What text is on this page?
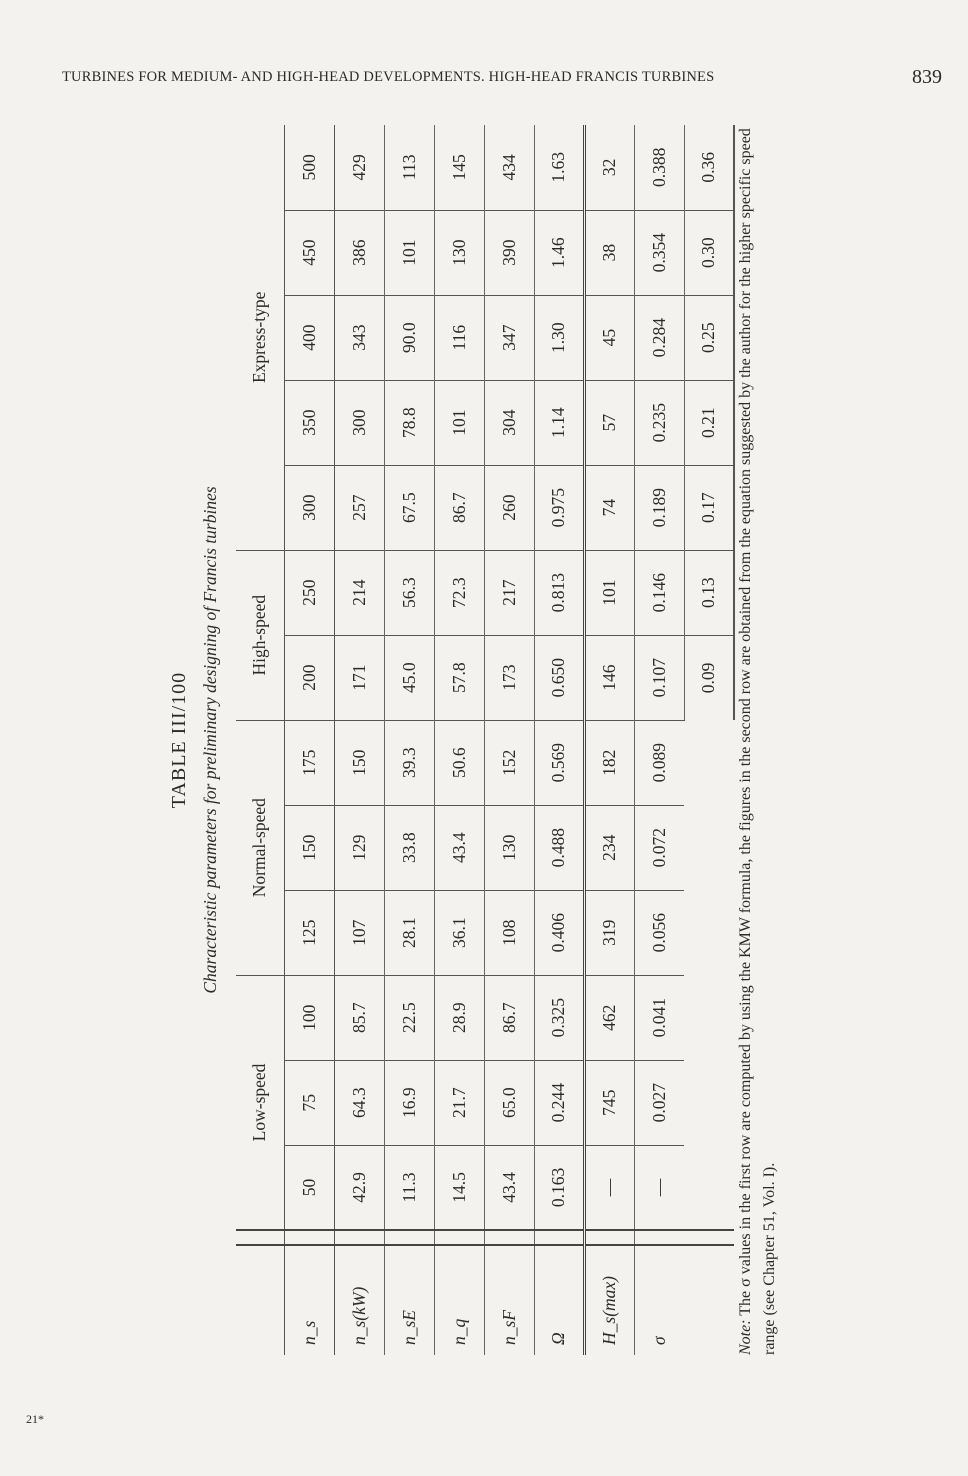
TURBINES FOR MEDIUM- AND HIGH-HEAD DEVELOPMENTS. HIGH-HEAD FRANCIS TURBINES	839
21*
TABLE III/100 Characteristic parameters for preliminary designing of Francis turbines
		Low-speed			Normal-speed			High-speed		Express-type				
n_s		50	75	100	125	150	175	200	250	300	350	400	450	500
n_s(kW)		42.9	64.3	85.7	107	129	150	171	214	257	300	343	386	429
n_sE		11.3	16.9	22.5	28.1	33.8	39.3	45.0	56.3	67.5	78.8	90.0	101	113
n_q		14.5	21.7	28.9	36.1	43.4	50.6	57.8	72.3	86.7	101	116	130	145
n_sF		43.4	65.0	86.7	108	130	152	173	217	260	304	347	390	434
Ω		0.163	0.244	0.325	0.406	0.488	0.569	0.650	0.813	0.975	1.14	1.30	1.46	1.63
H_s(max)		—	745	462	319	234	182	146	101	74	57	45	38	32
σ		—	0.027	0.041	0.056	0.072	0.089	0.107	0.146	0.189	0.235	0.284	0.354	0.388
								0.09	0.13	0.17	0.21	0.25	0.30	0.36
Note: The σ values in the first row are computed by using the KMW formula, the figures in the second row are obtained from the equation suggested by the author for the higher specific speed range (see Chapter 51, Vol. I).
